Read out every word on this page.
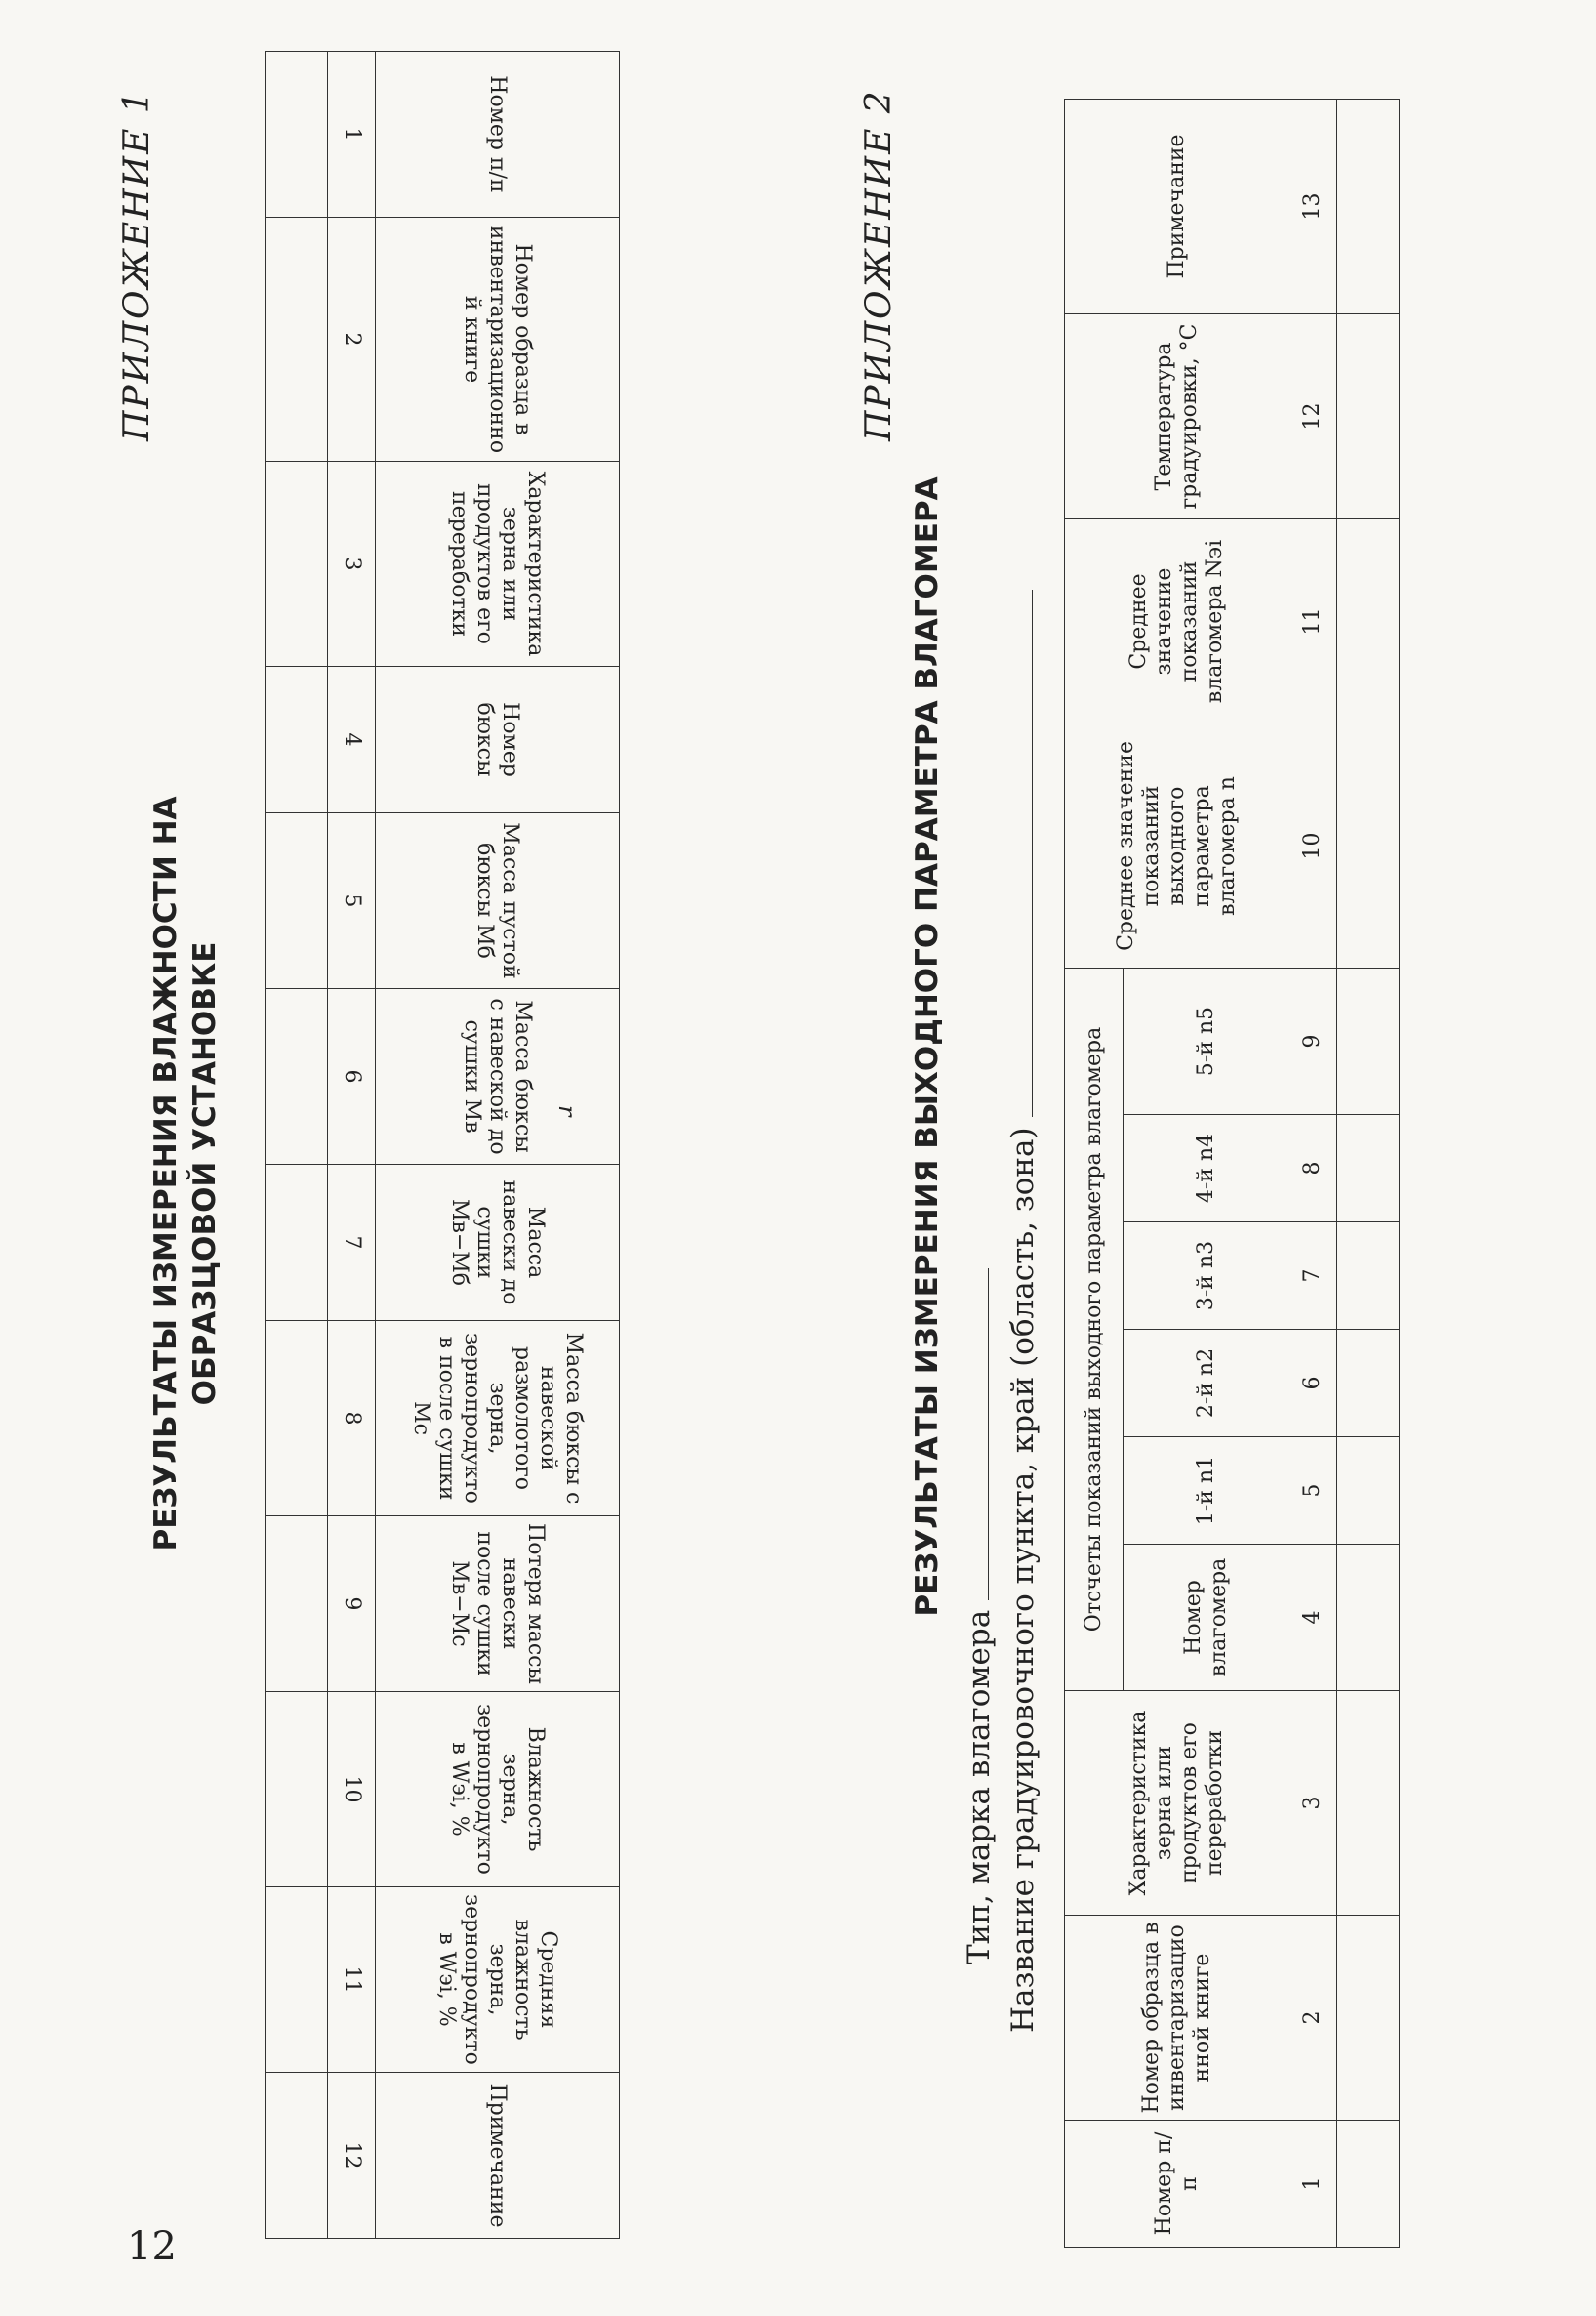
12
ПРИЛОЖЕНИЕ 1
РЕЗУЛЬТАТЫ ИЗМЕРЕНИЯ ВЛАЖНОСТИ НА ОБРАЗЦОВОЙ УСТАНОВКЕ
Номер п/п	Номер образца в инвентаризационной книге	Характеристика зерна или продуктов его переработки	Номер бюксы	Масса пустой бюксы Mб	Масса бюксы с навеской до сушки Mв	Масса навески до сушки Mв−Mб	Масса бюксы с навеской размолотого зерна, зернопродуктов после сушки Mс	Потеря массы навески после сушки Mв−Mс	Влажность зерна, зернопродуктов Wэi, %	Средняя влажность зерна, зернопродуктов Wэi, %	Примечание
1	2	3	4	5	6	7	8	9	10	11	12

r
ПРИЛОЖЕНИЕ 2
РЕЗУЛЬТАТЫ ИЗМЕРЕНИЯ ВЫХОДНОГО ПАРАМЕТРА ВЛАГОМЕРА
Тип, марка влагомера Название градуировочного пункта, край (область, зона)
Номер п/п	Номер образца в инвентаризационной книге	Характеристика зерна или продуктов его переработки	Отсчеты показаний выходного параметра влагомера						Среднее значение показаний выходного параметра влагомера n	Среднее значение показаний влагомера Nэi	Температура градуировки, °С	Примечание
			Номер влагомера	1-й n1	2-й n2	3-й n3	4-й n4	5-й n5				
1	2	3	4	5	6	7	8	9	10	11	12	13
